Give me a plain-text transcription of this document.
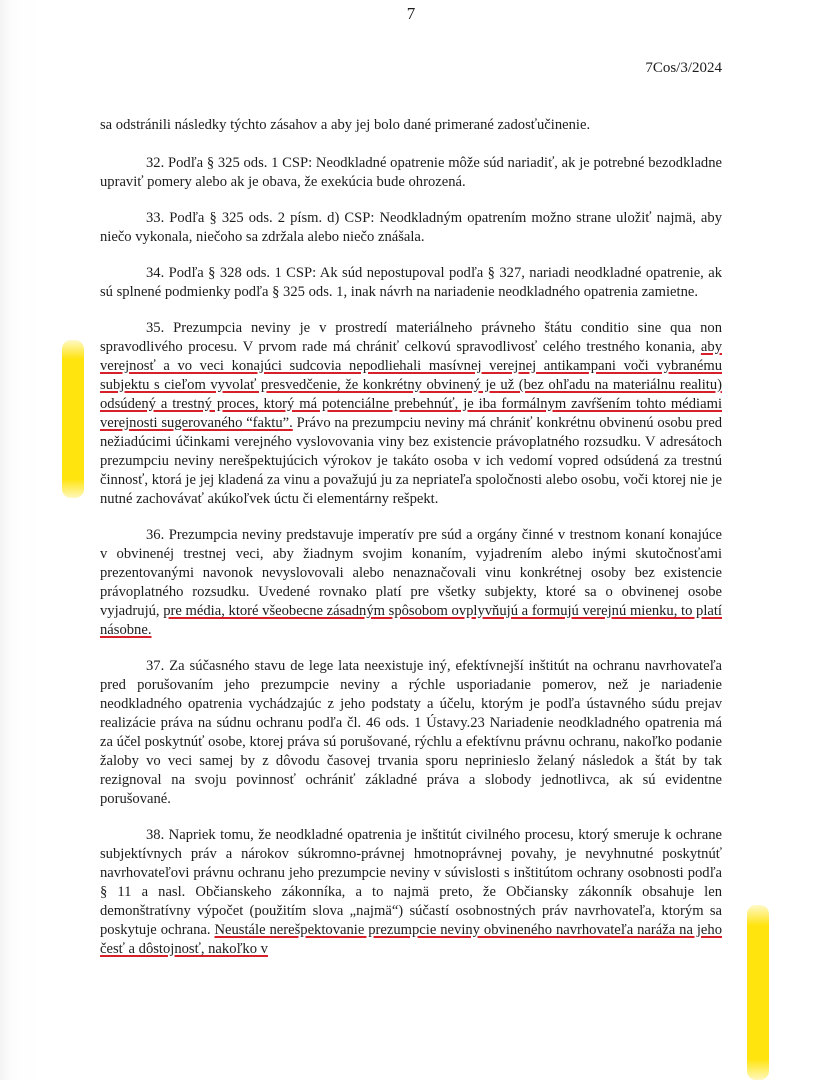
7
7Cos/3/2024

sa odstránili následky týchto zásahov a aby jej bolo dané primerané zadosťučinenie.

32. Podľa § 325 ods. 1 CSP: Neodkladné opatrenie môže súd nariadiť, ak je potrebné bezodkladne upraviť pomery alebo ak je obava, že exekúcia bude ohrozená.

33. Podľa § 325 ods. 2 písm. d) CSP: Neodkladným opatrením možno strane uložiť najmä, aby niečo vykonala, niečoho sa zdržala alebo niečo znášala.

34. Podľa § 328 ods. 1 CSP: Ak súd nepostupoval podľa § 327, nariadi neodkladné opatrenie, ak sú splnené podmienky podľa § 325 ods. 1, inak návrh na nariadenie neodkladného opatrenia zamietne.

35. Prezumpcia neviny je v prostredí materiálneho právneho štátu conditio sine qua non spravodlivého procesu. V prvom rade má chrániť celkovú spravodlivosť celého trestného konania, aby verejnosť a vo veci konajúci sudcovia nepodliehali masívnej verejnej antikampani voči vybranému subjektu s cieľom vyvolať presvedčenie, že konkrétny obvinený je už (bez ohľadu na materiálnu realitu) odsúdený a trestný proces, ktorý má potenciálne prebehnúť, je iba formálnym zavŕšením tohto médiami verejnosti sugerovaného “faktu”. Právo na prezumpciu neviny má chrániť konkrétnu obvinenú osobu pred nežiadúcimi účinkami verejného vyslovovania viny bez existencie právoplatného rozsudku. V adresátoch prezumpciu neviny nerešpektujúcich výrokov je takáto osoba v ich vedomí vopred odsúdená za trestnú činnosť, ktorá je jej kladená za vinu a považujú ju za nepriateľa spoločnosti alebo osobu, voči ktorej nie je nutné zachovávať akúkoľvek úctu či elementárny rešpekt.

36. Prezumpcia neviny predstavuje imperatív pre súd a orgány činné v trestnom konaní konajúce v obvinenéj trestnej veci, aby žiadnym svojim konaním, vyjadrením alebo inými skutočnosťami prezentovanými navonok nevyslovovali alebo nenaznačovali vinu konkrétnej osoby bez existencie právoplatného rozsudku. Uvedené rovnako platí pre všetky subjekty, ktoré sa o obvinenej osobe vyjadrujú, pre média, ktoré všeobecne zásadným spôsobom ovplyvňujú a formujú verejnú mienku, to platí násobne.

37. Za súčasného stavu de lege lata neexistuje iný, efektívnejší inštitút na ochranu navrhovateľa pred porušovaním jeho prezumpcie neviny a rýchle usporiadanie pomerov, než je nariadenie neodkladného opatrenia vychádzajúc z jeho podstaty a účelu, ktorým je podľa ústavného súdu prejav realizácie práva na súdnu ochranu podľa čl. 46 ods. 1 Ústavy.23 Nariadenie neodkladného opatrenia má za účel poskytnúť osobe, ktorej práva sú porušované, rýchlu a efektívnu právnu ochranu, nakoľko podanie žaloby vo veci samej by z dôvodu časovej trvania sporu neprinieslo želaný následok a štát by tak rezignoval na svoju povinnosť ochrániť základné práva a slobody jednotlivca, ak sú evidentne porušované.

38. Napriek tomu, že neodkladné opatrenia je inštitút civilného procesu, ktorý smeruje k ochrane subjektívnych práv a nárokov súkromno-právnej hmotnoprávnej povahy, je nevyhnutné poskytnúť navrhovateľovi právnu ochranu jeho prezumpcie neviny v súvislosti s inštitútom ochrany osobnosti podľa § 11 a nasl. Občianskeho zákonníka, a to najmä preto, že Občiansky zákonník obsahuje len demonštratívny výpočet (použitím slova „najmä“) súčastí osobnostných práv navrhovateľa, ktorým sa poskytuje ochrana. Neustále nerešpektovanie prezumpcie neviny obvineného navrhovateľa naráža na jeho česť a dôstojnosť, nakoľko v
